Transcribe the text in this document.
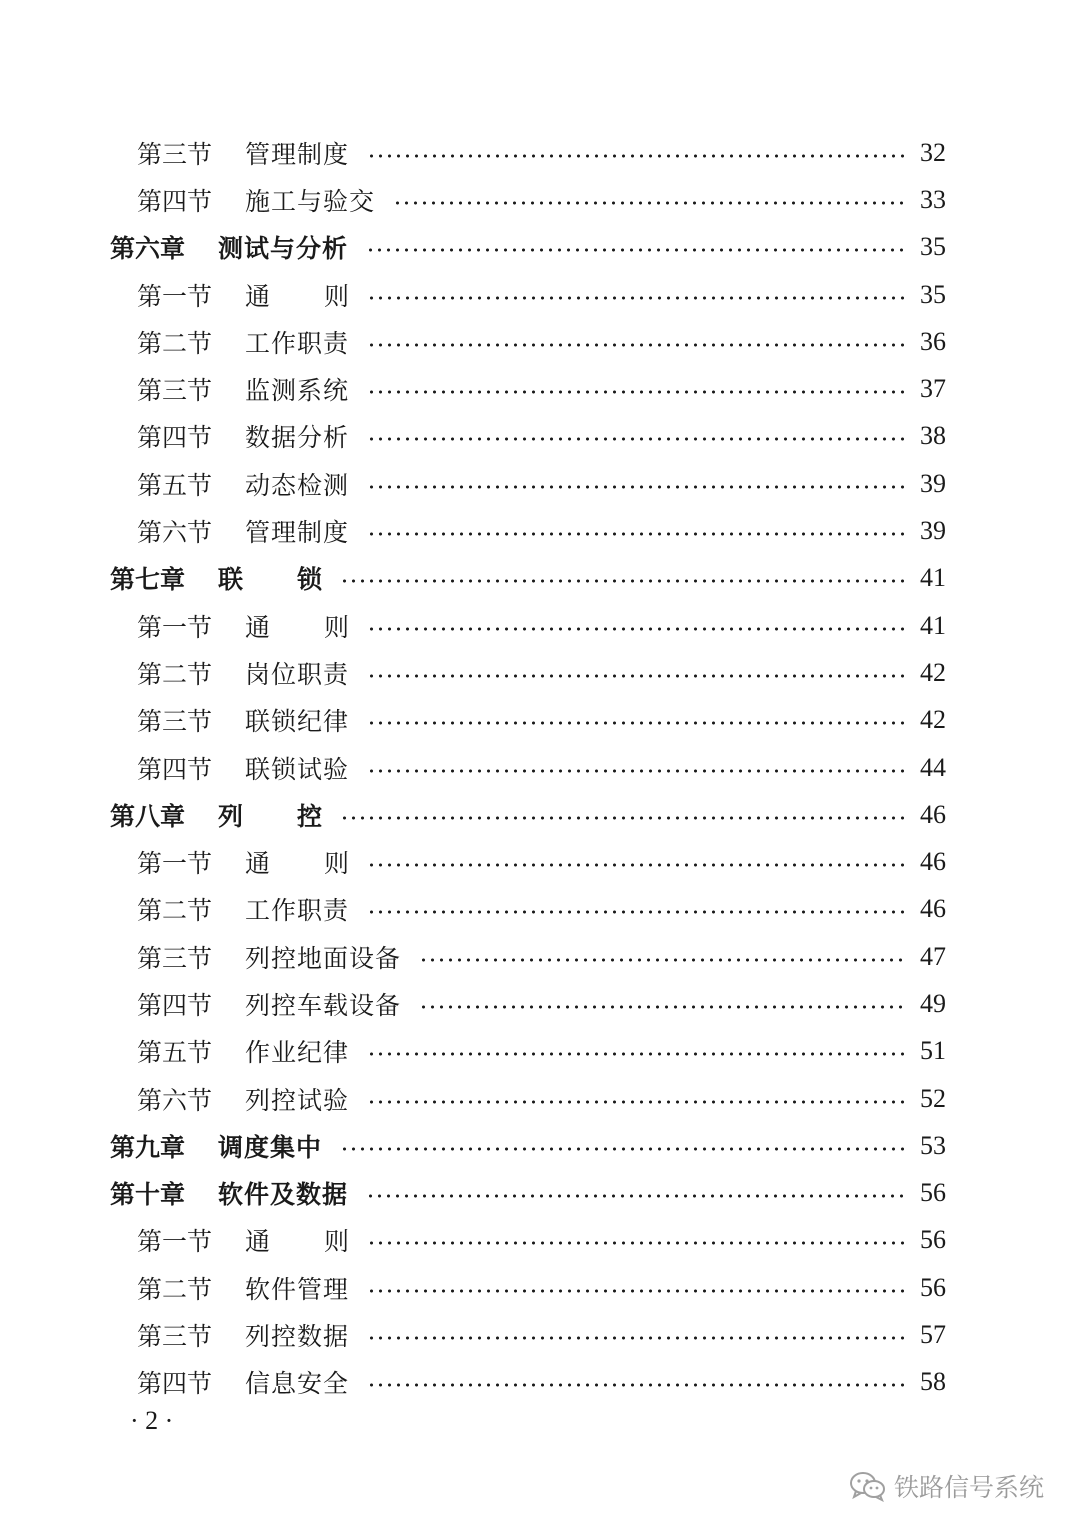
第三节	管理制度	32
第四节	施工与验交	33
第六章	测试与分析	35
第一节	通 则	35
第二节	工作职责	36
第三节	监测系统	37
第四节	数据分析	38
第五节	动态检测	39
第六节	管理制度	39
第七章	联 锁	41
第一节	通 则	41
第二节	岗位职责	42
第三节	联锁纪律	42
第四节	联锁试验	44
第八章	列 控	46
第一节	通 则	46
第二节	工作职责	46
第三节	列控地面设备	47
第四节	列控车载设备	49
第五节	作业纪律	51
第六节	列控试验	52
第九章	调度集中	53
第十章	软件及数据	56
第一节	通 则	56
第二节	软件管理	56
第三节	列控数据	57
第四节	信息安全	58
· 2 ·
铁路信号系统
